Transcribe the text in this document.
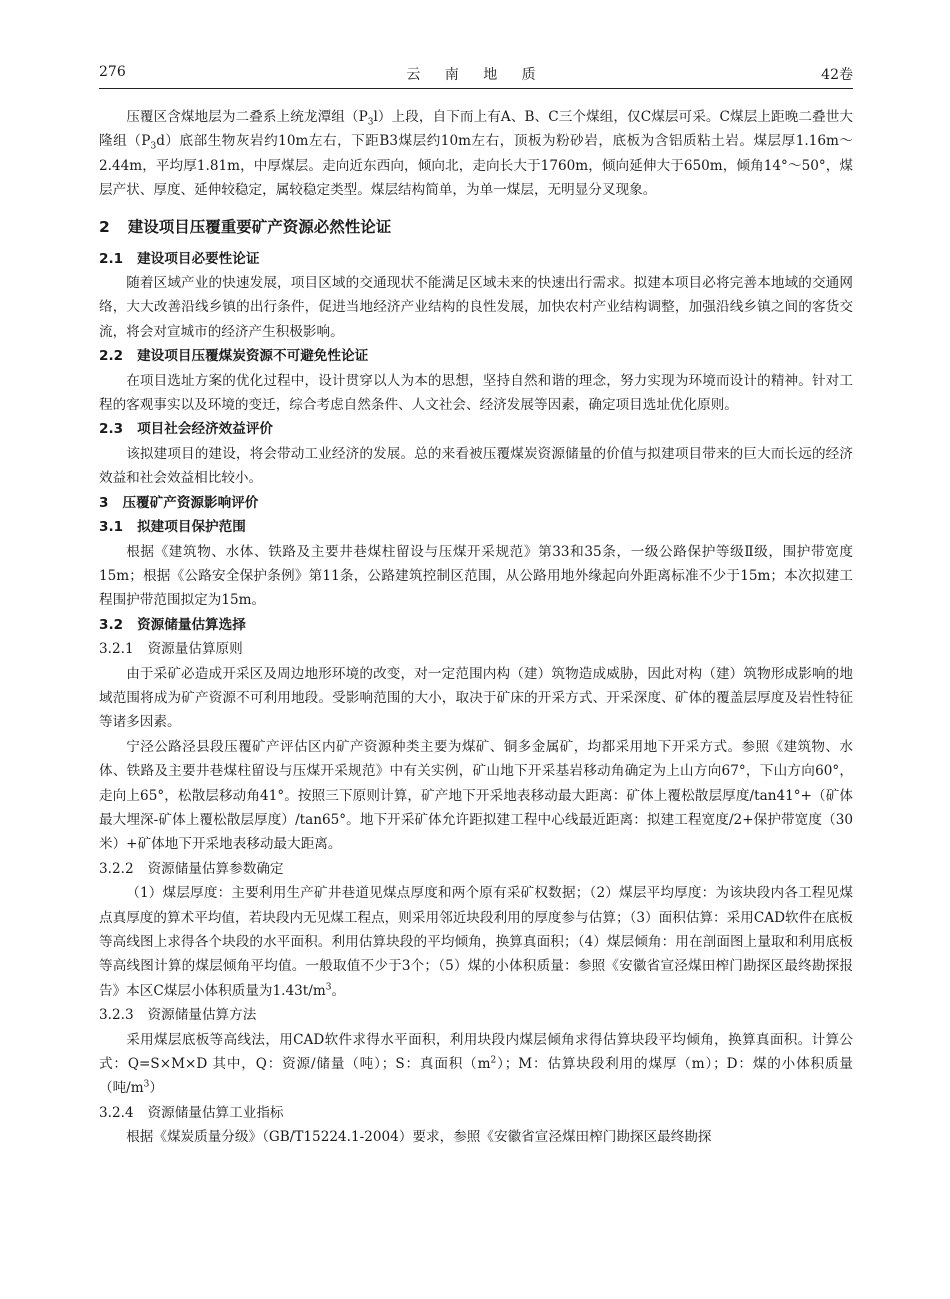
276	云 南 地 质	42卷

压覆区含煤地层为二叠系上统龙潭组$(P_3l)$上段，自下而上有A、B、C三个煤组，仅C煤层可采。C煤层上距晚二叠世大隆组$(P_3d)$底部生物灰岩约10m左右，下距B3煤层约10m左右，顶板为粉砂岩，底板为含铝质粘土岩。煤层厚1.16m～2.44m，平均厚1.81m，中厚煤层。走向近东西向，倾向北，走向长大于1760m，倾向延伸大于650m，倾角14°～50°，煤层产状、厚度、延伸较稳定，属较稳定类型。煤层结构简单，为单一煤层，无明显分叉现象。

2 建设项目压覆重要矿产资源必然性论证
2.1 建设项目必要性论证

随着区域产业的快速发展，项目区域的交通现状不能满足区域未来的快速出行需求。拟建本项目必将完善本地域的交通网络，大大改善沿线乡镇的出行条件，促进当地经济产业结构的良性发展，加快农村产业结构调整，加强沿线乡镇之间的客货交流，将会对宣城市的经济产生积极影响。

2.2 建设项目压覆煤炭资源不可避免性论证

在项目选址方案的优化过程中，设计贯穿以人为本的思想，坚持自然和谐的理念，努力实现为环境而设计的精神。针对工程的客观事实以及环境的变迁，综合考虑自然条件、人文社会、经济发展等因素，确定项目选址优化原则。

2.3 项目社会经济效益评价

该拟建项目的建设，将会带动工业经济的发展。总的来看被压覆煤炭资源储量的价值与拟建项目带来的巨大而长远的经济效益和社会效益相比较小。

3 压覆矿产资源影响评价
3.1 拟建项目保护范围

根据《建筑物、水体、铁路及主要井巷煤柱留设与压煤开采规范》第33和35条，一级公路保护等级Ⅱ级，围护带宽度15m；根据《公路安全保护条例》第11条，公路建筑控制区范围，从公路用地外缘起向外距离标准不少于15m；本次拟建工程围护带范围拟定为15m。

3.2 资源储量估算选择
3.2.1 资源量估算原则

由于采矿必造成开采区及周边地形环境的改变，对一定范围内构（建）筑物造成威胁，因此对构（建）筑物形成影响的地域范围将成为矿产资源不可利用地段。受影响范围的大小，取决于矿床的开采方式、开采深度、矿体的覆盖层厚度及岩性特征等诸多因素。

宁泾公路泾县段压覆矿产评估区内矿产资源种类主要为煤矿、铜多金属矿，均都采用地下开采方式。参照《建筑物、水体、铁路及主要井巷煤柱留设与压煤开采规范》中有关实例，矿山地下开采基岩移动角确定为上山方向67°，下山方向60°，走向上65°，松散层移动角41°。按照三下原则计算，矿产地下开采地表移动最大距离：矿体上覆松散层厚度/tan41°+（矿体最大埋深-矿体上覆松散层厚度）/tan65°。地下开采矿体允许距拟建工程中心线最近距离：拟建工程宽度/2+保护带宽度（30米）+矿体地下开采地表移动最大距离。

3.2.2 资源储量估算参数确定

（1）煤层厚度：主要利用生产矿井巷道见煤点厚度和两个原有采矿权数据；（2）煤层平均厚度：为该块段内各工程见煤点真厚度的算术平均值，若块段内无见煤工程点，则采用邻近块段利用的厚度参与估算；（3）面积估算：采用CAD软件在底板等高线图上求得各个块段的水平面积。利用估算块段的平均倾角，换算真面积；（4）煤层倾角：用在剖面图上量取和利用底板等高线图计算的煤层倾角平均值。一般取值不少于3个；（5）煤的小体积质量：参照《安徽省宣泾煤田榨门勘探区最终勘探报告》本区C煤层小体积质量为$1.43t/m^3$。

3.2.3 资源储量估算方法

采用煤层底板等高线法，用CAD软件求得水平面积，利用块段内煤层倾角求得估算块段平均倾角，换算真面积。计算公式：Q=S×M×D 其中，Q：资源/储量（吨）；S：真面积$(m^2)$；M：估算块段利用的煤厚（m）；D：煤的小体积质量（吨$/m^3$）

3.2.4 资源储量估算工业指标

根据《煤炭质量分级》（GB/T15224.1-2004）要求，参照《安徽省宣泾煤田榨门勘探区最终勘探
